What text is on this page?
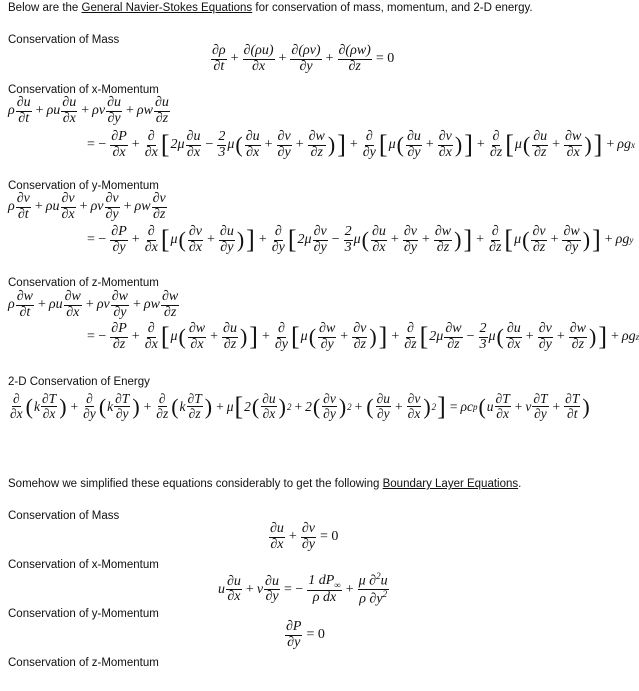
Below are the General Navier-Stokes Equations for conservation of mass, momentum, and 2-D energy.
Conservation of Mass
∂ρ
$\partial t + \frac{\partial(\rho u)}{\partial x} + \frac{\partial(\rho v)}{\partial y} + \frac{\partial(\rho w)}{\partial z} = 0$
Conservation of x-Momentum
ρ
∂u
∂t + ρu $\frac{\partial u}{\partial x} + \rho v \frac{\partial u}{\partial y} + \rho w \frac{\partial u}{\partial z}$
= − $\frac{\partial P}{\partial x}$ +
∂
∂x [ 2μ
∂u
$\partial x - \frac{2}{3}$ μ ( ∂u
$\partial x + \frac{\partial v}{\partial y} + \frac{\partial w}{\partial z}$ ) ] +
∂
∂y [ μ ( ∂u
$\partial y + \frac{\partial v}{\partial x}$ ) ] +
∂
∂z [ μ ( ∂u
$\partial z + \frac{\partial w}{\partial x}$ ) ] + ρg x
Conservation of y-Momentum
ρ
∂v
∂t + ρu $\frac{\partial v}{\partial x} + \rho v \frac{\partial v}{\partial y} + \rho w \frac{\partial v}{\partial z}$
= − $\frac{\partial P}{\partial y}$ +
∂
∂x [ μ ( ∂v
$\partial x + \frac{\partial u}{\partial y}$ ) ] +
∂
∂y [ 2μ
∂v
$\partial y - \frac{2}{3}$ μ ( ∂u
$\partial x + \frac{\partial v}{\partial y} + \frac{\partial w}{\partial z}$ ) ] +
∂
∂z [ μ ( ∂v
$\partial z + \frac{\partial w}{\partial y}$ ) ] + ρg y
Conservation of z-Momentum
ρ
∂w
∂t + ρu $\frac{\partial w}{\partial x} + \rho v \frac{\partial w}{\partial y} + \rho w \frac{\partial w}{\partial z}$
= − $\frac{\partial P}{\partial z}$ +
∂
∂x [ μ ( ∂w
$\partial x + \frac{\partial u}{\partial z}$ ) ] +
∂
∂y [ μ ( ∂w
$\partial y + \frac{\partial v}{\partial z}$ ) ] +
∂
∂z [ 2μ
∂w
$\partial z - \frac{2}{3}$ μ ( ∂u
$\partial x + \frac{\partial v}{\partial y} + \frac{\partial w}{\partial z}$ ) ] + ρg z
2-D Conservation of Energy
∂
∂x ( k
∂T
∂x ) +
∂
∂y ( k
∂T
∂y ) +
∂
∂z ( k
∂T
∂z ) + μ [ 2 ( ∂u
∂x ) 2 + 2 ( ∂v
∂y ) 2 + ( ∂u
$\partial y + \frac{\partial v}{\partial x}$ ) 2 ] = ρc p ( u
∂T
∂x + v $\frac{\partial T}{\partial y} + \frac{\partial T}{\partial t}$ )
Somehow we simplified these equations considerably to get the following Boundary Layer Equations.
Conservation of Mass
∂u
$\partial x + \frac{\partial v}{\partial y} = 0$
Conservation of x-Momentum
u
∂u
∂x + v $\frac{\partial u}{\partial y}$ = − $\frac{1 dP_\infty}{\text{ρ dx}} + \frac{\mu \partial^2u}{\rho \partial y^2}$
Conservation of y-Momentum
$\frac{\partial P}{\partial y} = 0$
Conservation of z-Momentum
